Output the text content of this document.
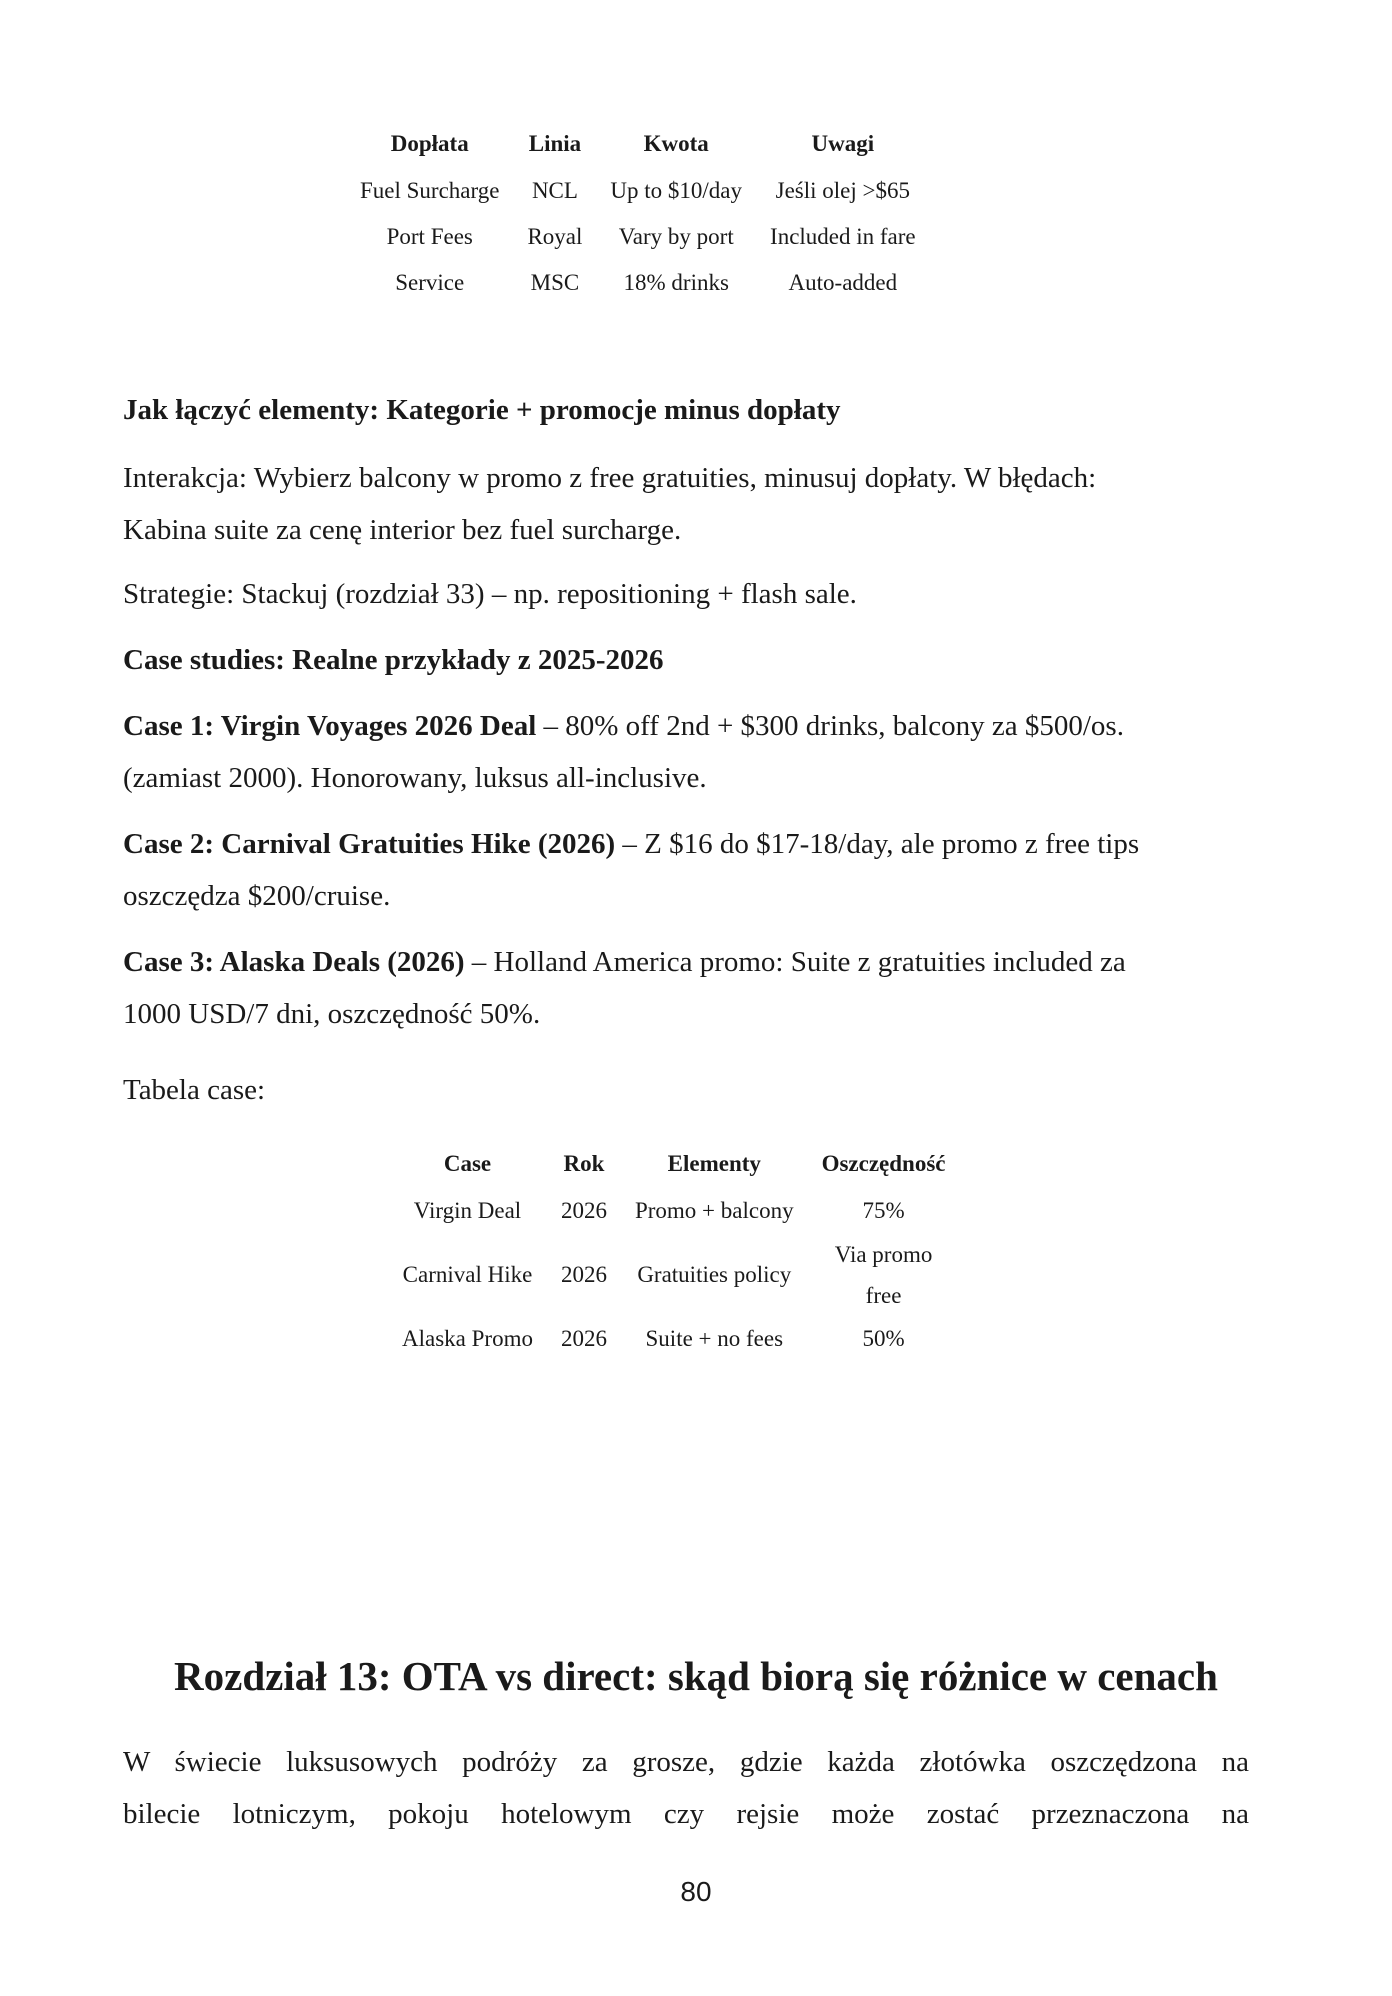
Dopłata	Linia	Kwota	Uwagi
Fuel Surcharge	NCL	Up to $10/day	Jeśli olej >$65
Port Fees	Royal	Vary by port	Included in fare
Service	MSC	18% drinks	Auto-added

Jak łączyć elementy: Kategorie + promocje minus dopłaty

Interakcja: Wybierz balcony w promo z free gratuities, minusuj dopłaty. W błędach:
Kabina suite za cenę interior bez fuel surcharge.

Strategie: Stackuj (rozdział 33) – np. repositioning + flash sale.

Case studies: Realne przykłady z 2025-2026

Case 1: Virgin Voyages 2026 Deal – 80% off 2nd + $300 drinks, balcony za $500/os.
(zamiast 2000). Honorowany, luksus all-inclusive.

Case 2: Carnival Gratuities Hike (2026) – Z $16 do $17-18/day, ale promo z free tips
oszczędza $200/cruise.

Case 3: Alaska Deals (2026) – Holland America promo: Suite z gratuities included za
1000 USD/7 dni, oszczędność 50%.

Tabela case:

Case	Rok	Elementy	Oszczędność
Virgin Deal	2026	Promo + balcony	75%
Carnival Hike	2026	Gratuities policy	Via promo free
Alaska Promo	2026	Suite + no fees	50%
Rozdział 13: OTA vs direct: skąd biorą się różnice w cenach

W świecie luksusowych podróży za grosze, gdzie każda złotówka oszczędzona na
bilecie lotniczym, pokoju hotelowym czy rejsie może zostać przeznaczona na

80
